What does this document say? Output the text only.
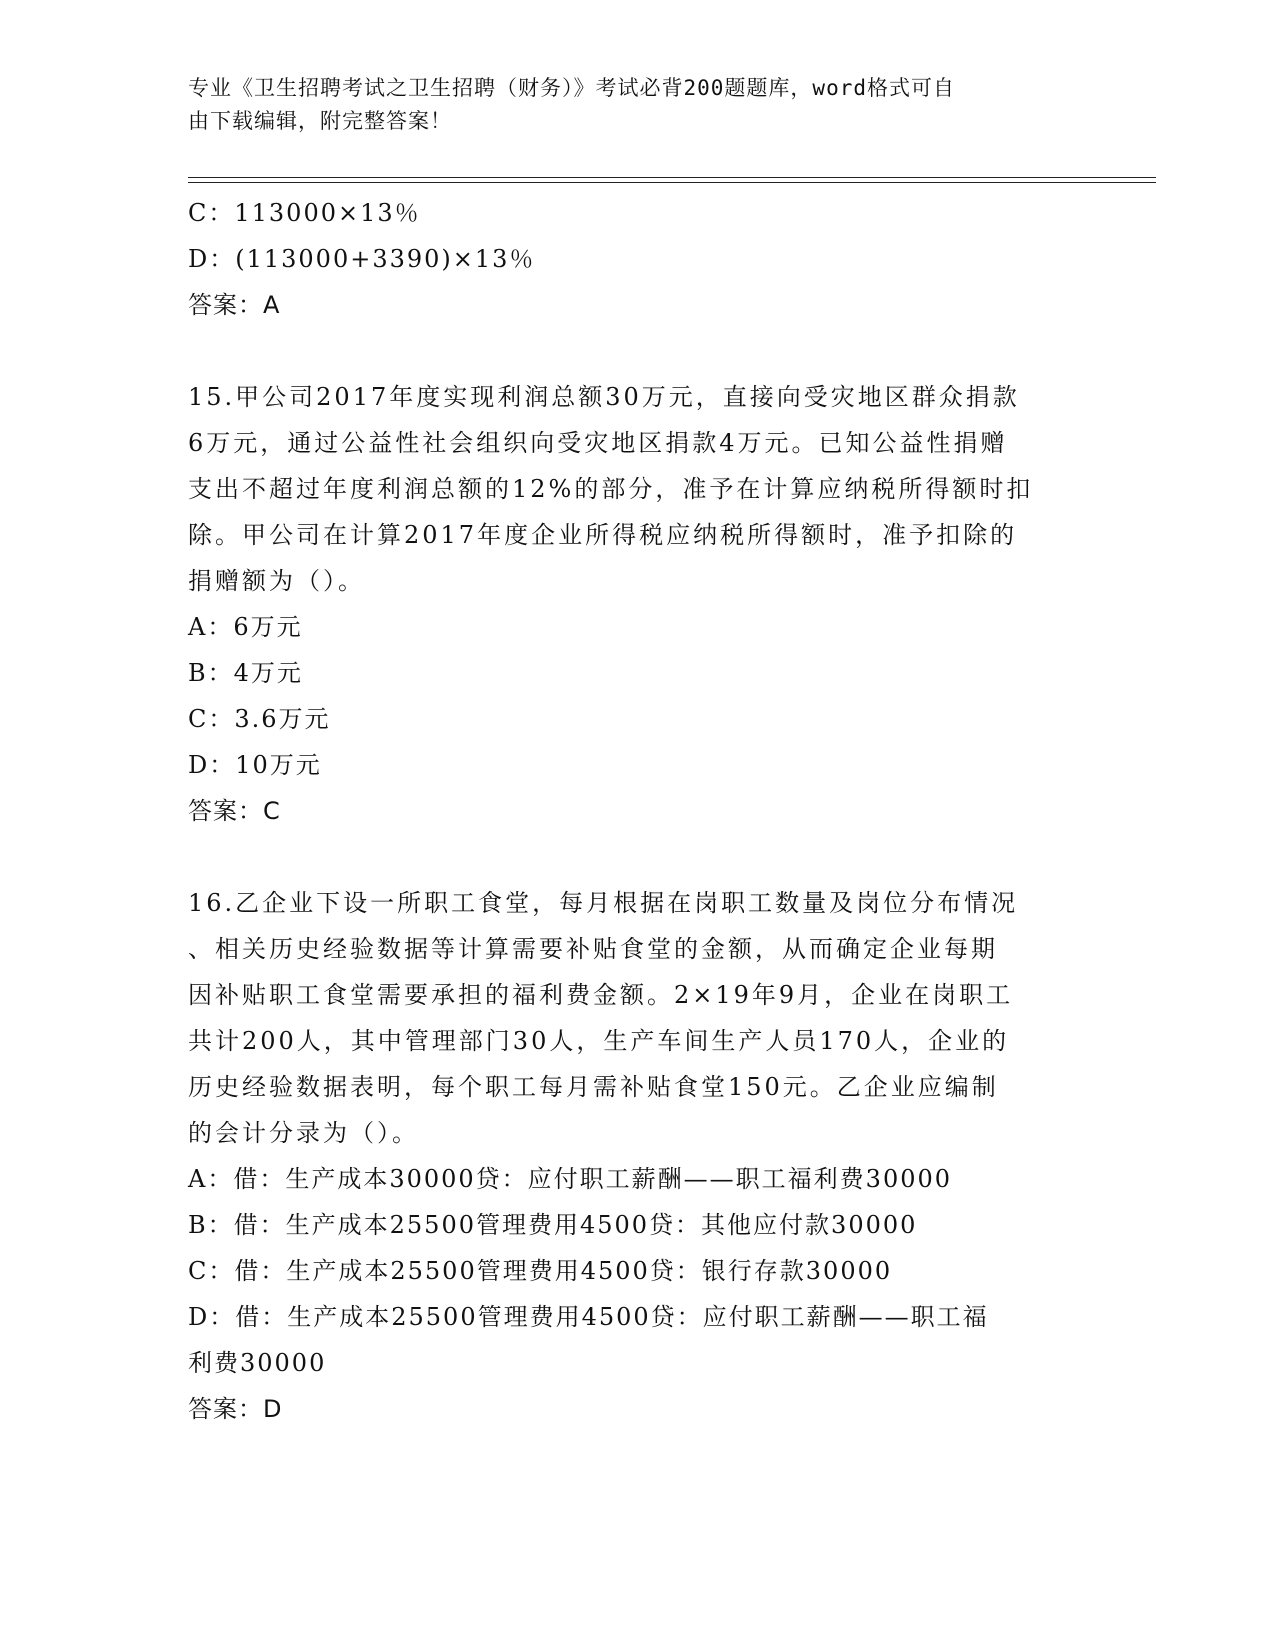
专业《卫生招聘考试之卫生招聘（财务）》考试必背200题题库，word格式可自
由下载编辑，附完整答案！
C：113000×13％
D：(113000+3390)×13％
答案：A
15.甲公司2017年度实现利润总额30万元，直接向受灾地区群众捐款
6万元，通过公益性社会组织向受灾地区捐款4万元。已知公益性捐赠
支出不超过年度利润总额的12%的部分，准予在计算应纳税所得额时扣
除。甲公司在计算2017年度企业所得税应纳税所得额时，准予扣除的
捐赠额为（）。
A：6万元
B：4万元
C：3.6万元
D：10万元
答案：C
16.乙企业下设一所职工食堂，每月根据在岗职工数量及岗位分布情况
、相关历史经验数据等计算需要补贴食堂的金额，从而确定企业每期
因补贴职工食堂需要承担的福利费金额。2×19年9月，企业在岗职工
共计200人，其中管理部门30人，生产车间生产人员170人，企业的
历史经验数据表明，每个职工每月需补贴食堂150元。乙企业应编制
的会计分录为（）。
A：借：生产成本30000贷：应付职工薪酬——职工福利费30000
B：借：生产成本25500管理费用4500贷：其他应付款30000
C：借：生产成本25500管理费用4500贷：银行存款30000
D：借：生产成本25500管理费用4500贷：应付职工薪酬——职工福
利费30000
答案：D
